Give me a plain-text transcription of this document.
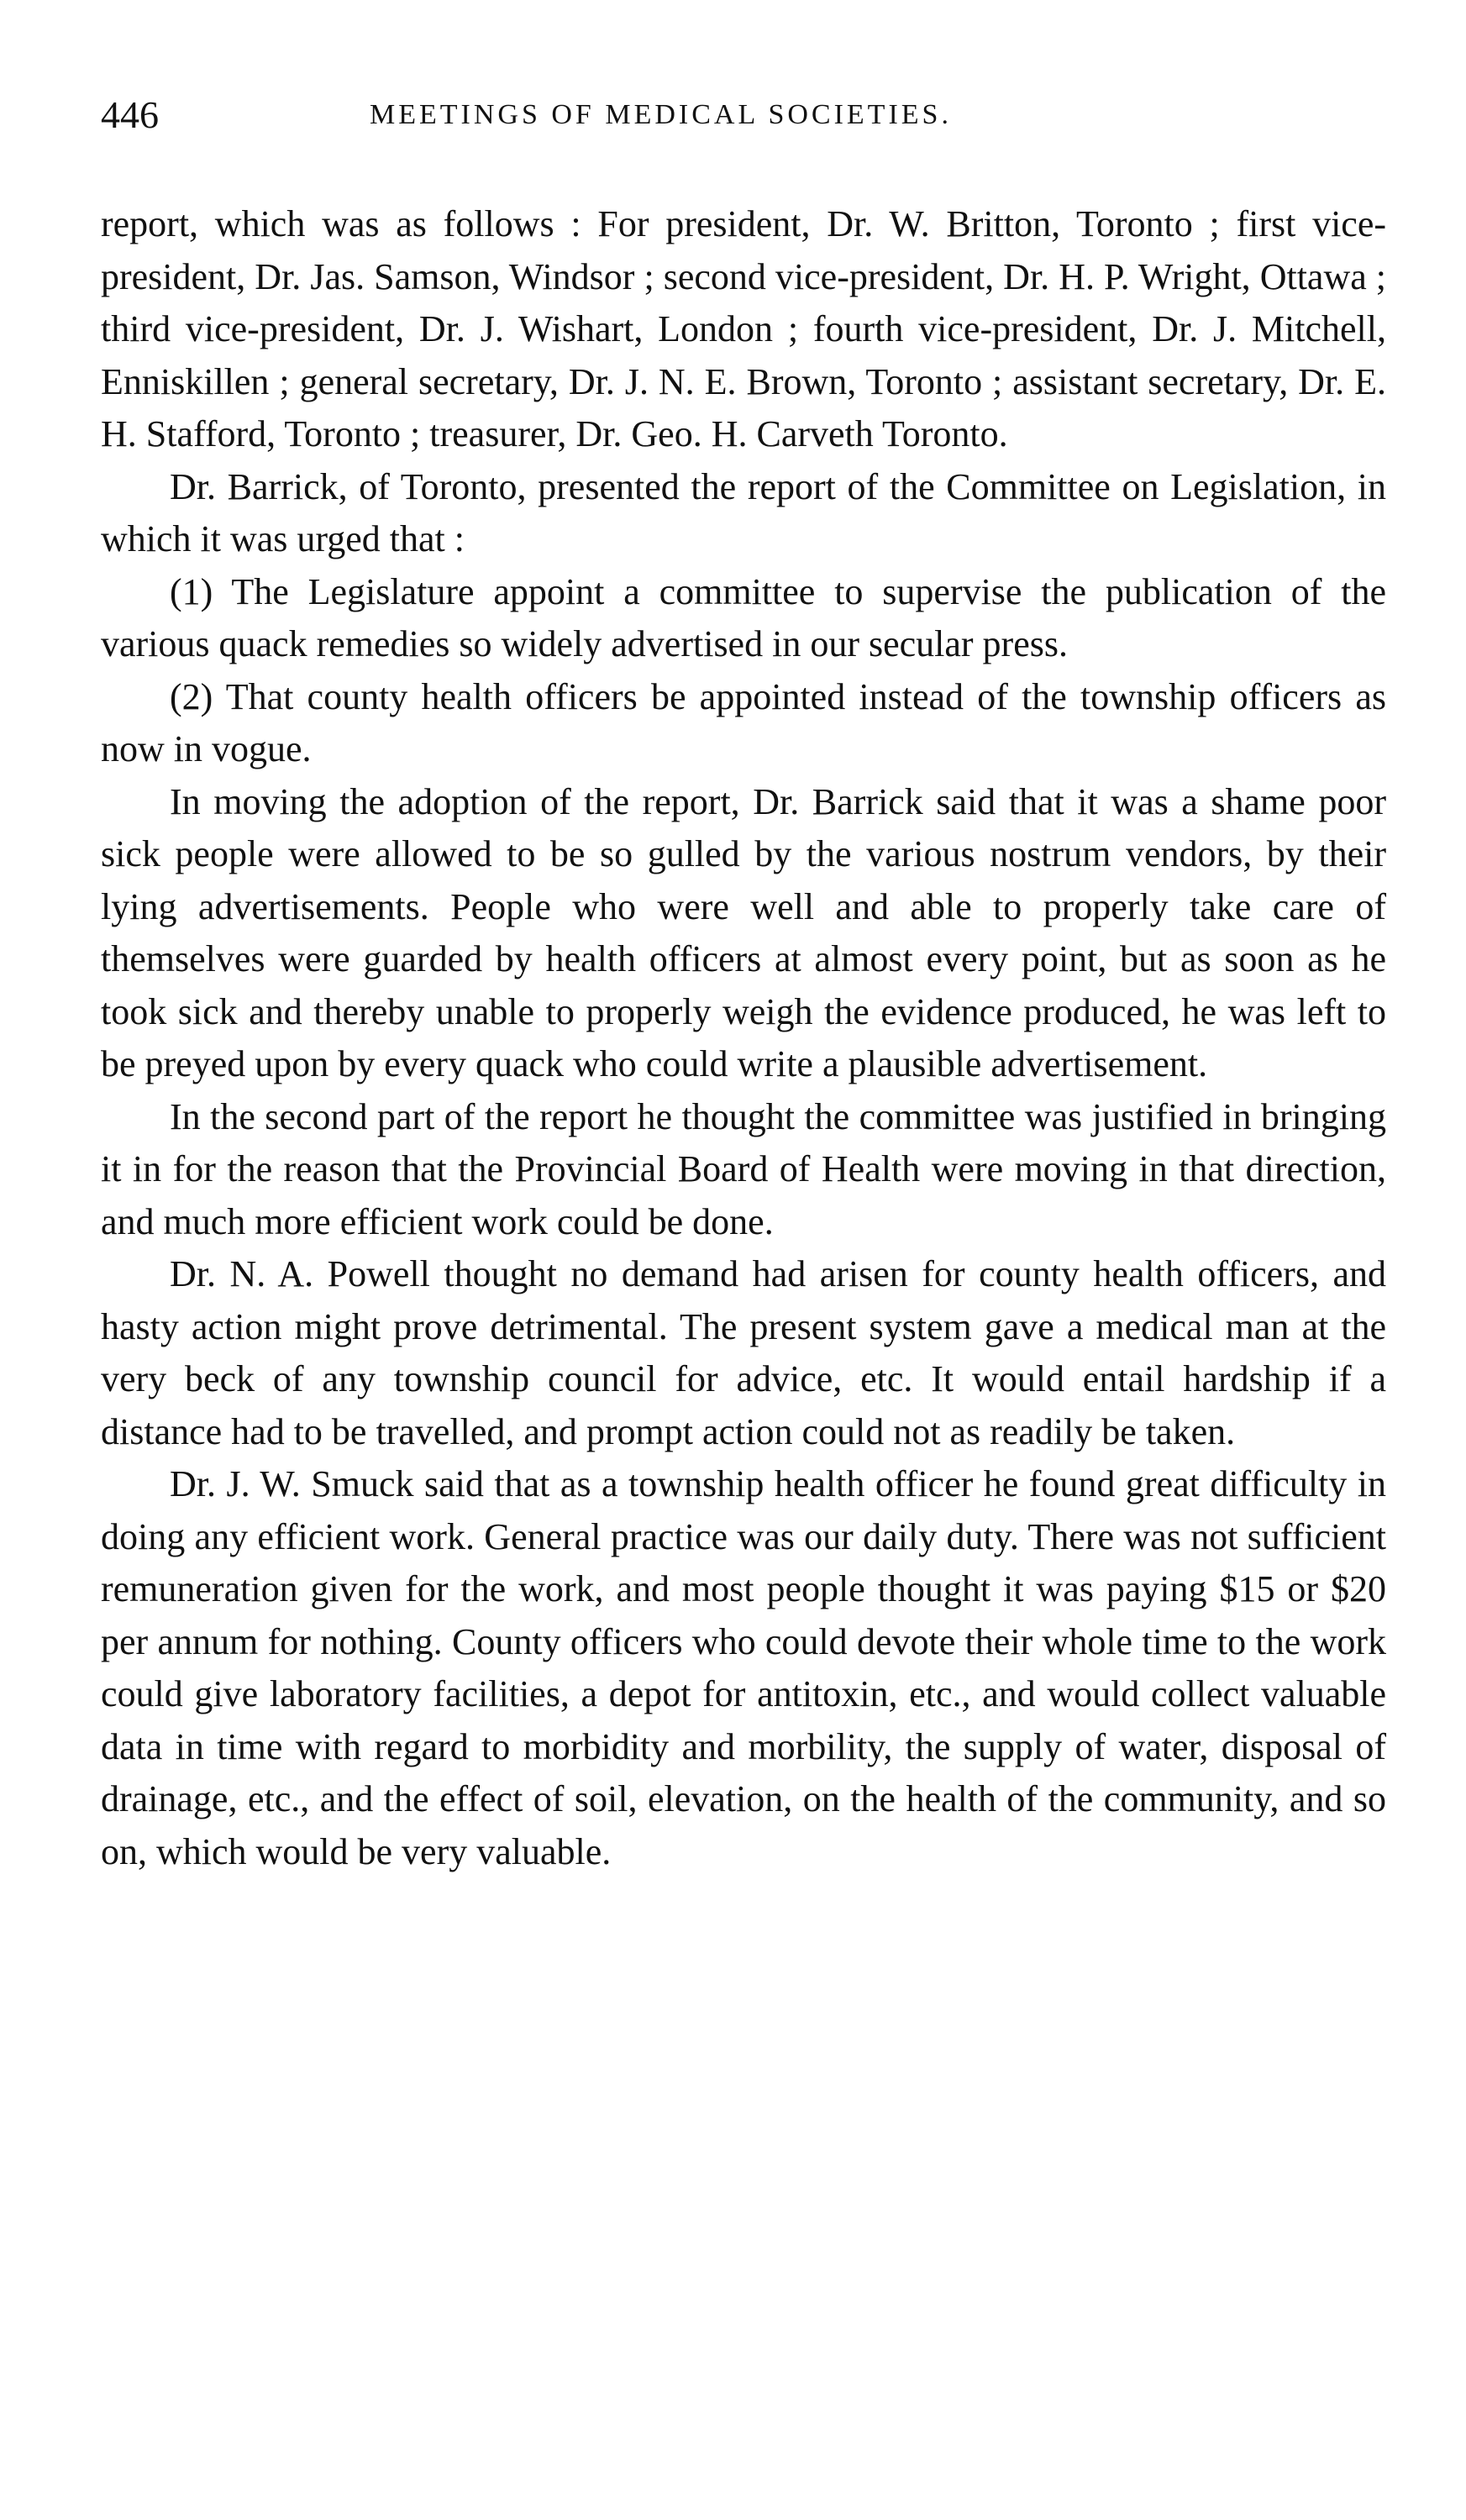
446	MEETINGS OF MEDICAL SOCIETIES.

report, which was as follows : For president, Dr. W. Britton, Toronto ; first vice-president, Dr. Jas. Samson, Windsor ; second vice-president, Dr. H. P. Wright, Ottawa ; third vice-president, Dr. J. Wishart, London ; fourth vice-president, Dr. J. Mitchell, Enniskillen ; general secretary, Dr. J. N. E. Brown, Toronto ; assistant secretary, Dr. E. H. Stafford, Toronto ; treasurer, Dr. Geo. H. Carveth Toronto.

Dr. Barrick, of Toronto, presented the report of the Committee on Legislation, in which it was urged that :

(1) The Legislature appoint a committee to supervise the publication of the various quack remedies so widely advertised in our secular press.

(2) That county health officers be appointed instead of the township officers as now in vogue.

In moving the adoption of the report, Dr. Barrick said that it was a shame poor sick people were allowed to be so gulled by the various nostrum vendors, by their lying advertisements. People who were well and able to properly take care of themselves were guarded by health officers at almost every point, but as soon as he took sick and thereby unable to properly weigh the evidence produced, he was left to be preyed upon by every quack who could write a plausible advertisement.

In the second part of the report he thought the committee was justified in bringing it in for the reason that the Provincial Board of Health were moving in that direction, and much more efficient work could be done.

Dr. N. A. Powell thought no demand had arisen for county health officers, and hasty action might prove detrimental. The present system gave a medical man at the very beck of any township council for advice, etc. It would entail hardship if a distance had to be travelled, and prompt action could not as readily be taken.

Dr. J. W. Smuck said that as a township health officer he found great difficulty in doing any efficient work. General practice was our daily duty. There was not sufficient remuneration given for the work, and most people thought it was paying $15 or $20 per annum for nothing. County officers who could devote their whole time to the work could give laboratory facilities, a depot for antitoxin, etc., and would collect valuable data in time with regard to morbidity and morbility, the supply of water, disposal of drainage, etc., and the effect of soil, elevation, on the health of the community, and so on, which would be very valuable.
